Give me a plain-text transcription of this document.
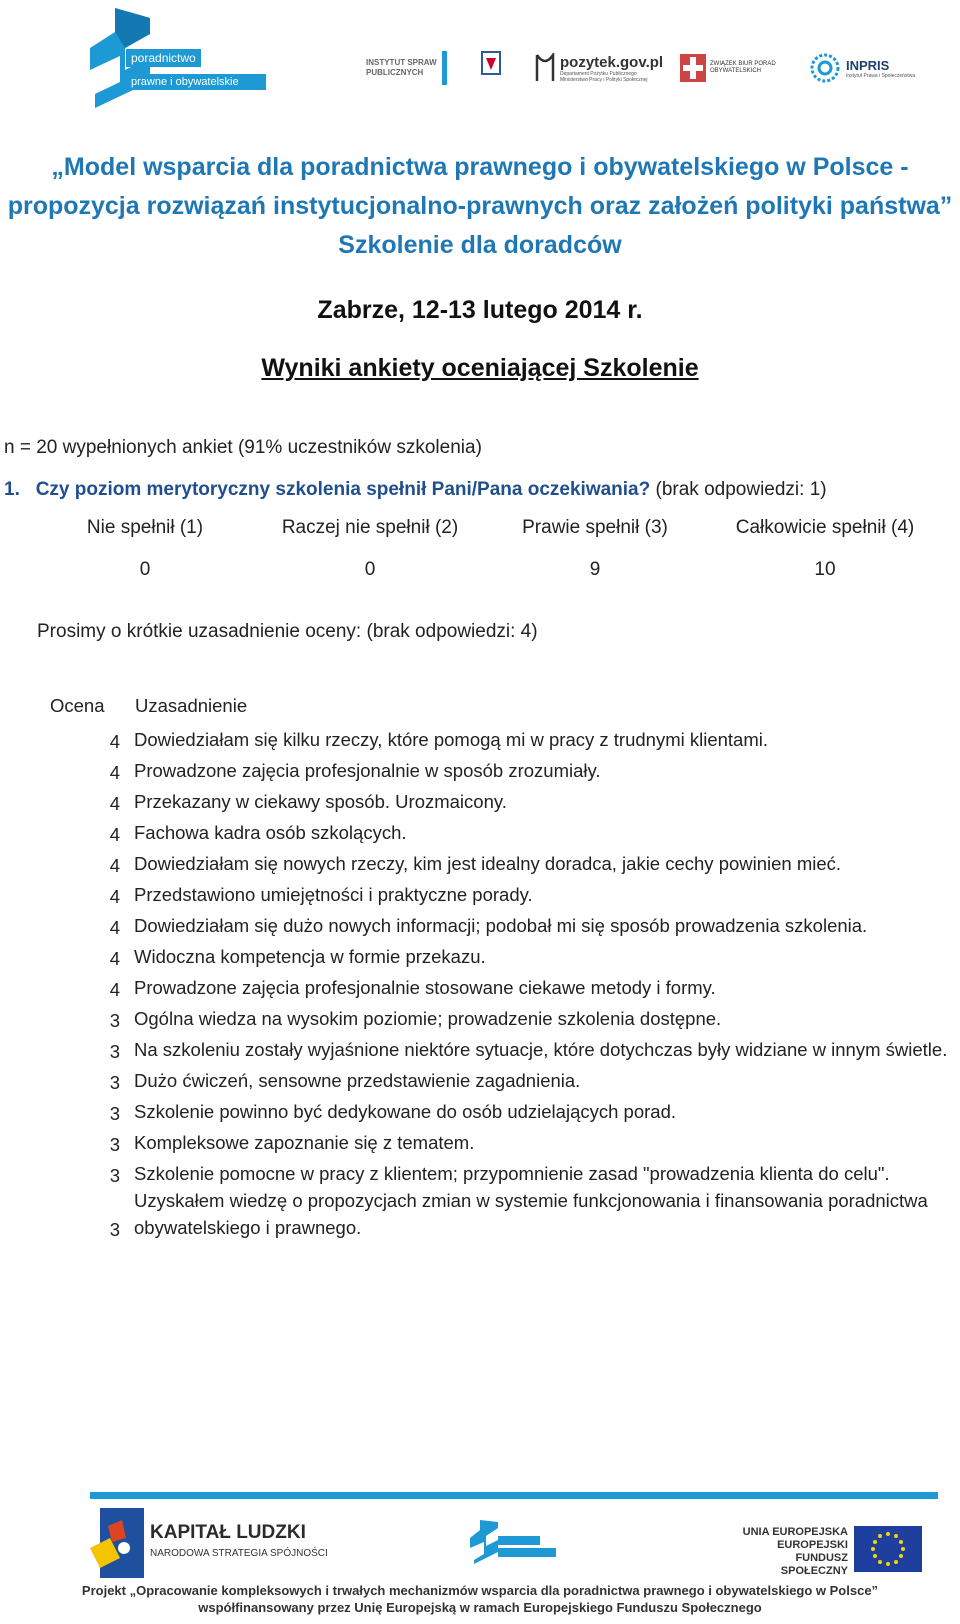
poradnictwo
prawne i obywatelskie
INSTYTUT SPRAW PUBLICZNYCH
pozytek.gov.pl
Departament Pożytku Publicznego Ministerstwo Pracy i Polityki Społecznej
ZWIĄZEK BIUR PORAD OBYWATELSKICH	INPRIS
Instytut Prawa i Społeczeństwa
„Model wsparcia dla poradnictwa prawnego i obywatelskiego w Polsce -
propozycja rozwiązań instytucjonalno-prawnych oraz założeń polityki państwa”
Szkolenie dla doradców
Zabrze, 12-13 lutego 2014 r.
Wyniki ankiety oceniającej Szkolenie
n = 20 wypełnionych ankiet (91% uczestników szkolenia)
1. Czy poziom merytoryczny szkolenia spełnił Pani/Pana oczekiwania? (brak odpowiedzi: 1)
Nie spełnił (1)	Raczej nie spełnił (2)	Prawie spełnił (3)	Całkowicie spełnił (4)
0	0	9	10
Prosimy o krótkie uzasadnienie oceny: (brak odpowiedzi: 4)
Ocena	Uzasadnienie
4	Dowiedziałam się kilku rzeczy, które pomogą mi w pracy z trudnymi klientami.
4	Prowadzone zajęcia profesjonalnie w sposób zrozumiały.
4	Przekazany w ciekawy sposób. Urozmaicony.
4	Fachowa kadra osób szkolących.
4	Dowiedziałam się nowych rzeczy, kim jest idealny doradca, jakie cechy powinien mieć.
4	Przedstawiono umiejętności i praktyczne porady.
4	Dowiedziałam się dużo nowych informacji; podobał mi się sposób prowadzenia szkolenia.
4	Widoczna kompetencja w formie przekazu.
4	Prowadzone zajęcia profesjonalnie stosowane ciekawe metody i formy.
3	Ogólna wiedza na wysokim poziomie; prowadzenie szkolenia dostępne.
3	Na szkoleniu zostały wyjaśnione niektóre sytuacje, które dotychczas były widziane w innym świetle.
3	Dużo ćwiczeń, sensowne przedstawienie zagadnienia.
3	Szkolenie powinno być dedykowane do osób udzielających porad.
3	Kompleksowe zapoznanie się z tematem.
3	Szkolenie pomocne w pracy z klientem; przypomnienie zasad "prowadzenia klienta do celu".
3	Uzyskałem wiedzę o propozycjach zmian w systemie funkcjonowania i finansowania poradnictwa obywatelskiego i prawnego.
KAPITAŁ LUDZKI
NARODOWA STRATEGIA SPÓJNOŚCI
UNIA EUROPEJSKA
EUROPEJSKI
FUNDUSZ SPOŁECZNY
Projekt „Opracowanie kompleksowych i trwałych mechanizmów wsparcia dla poradnictwa prawnego i obywatelskiego w Polsce”
współfinansowany przez Unię Europejską w ramach Europejskiego Funduszu Społecznego
